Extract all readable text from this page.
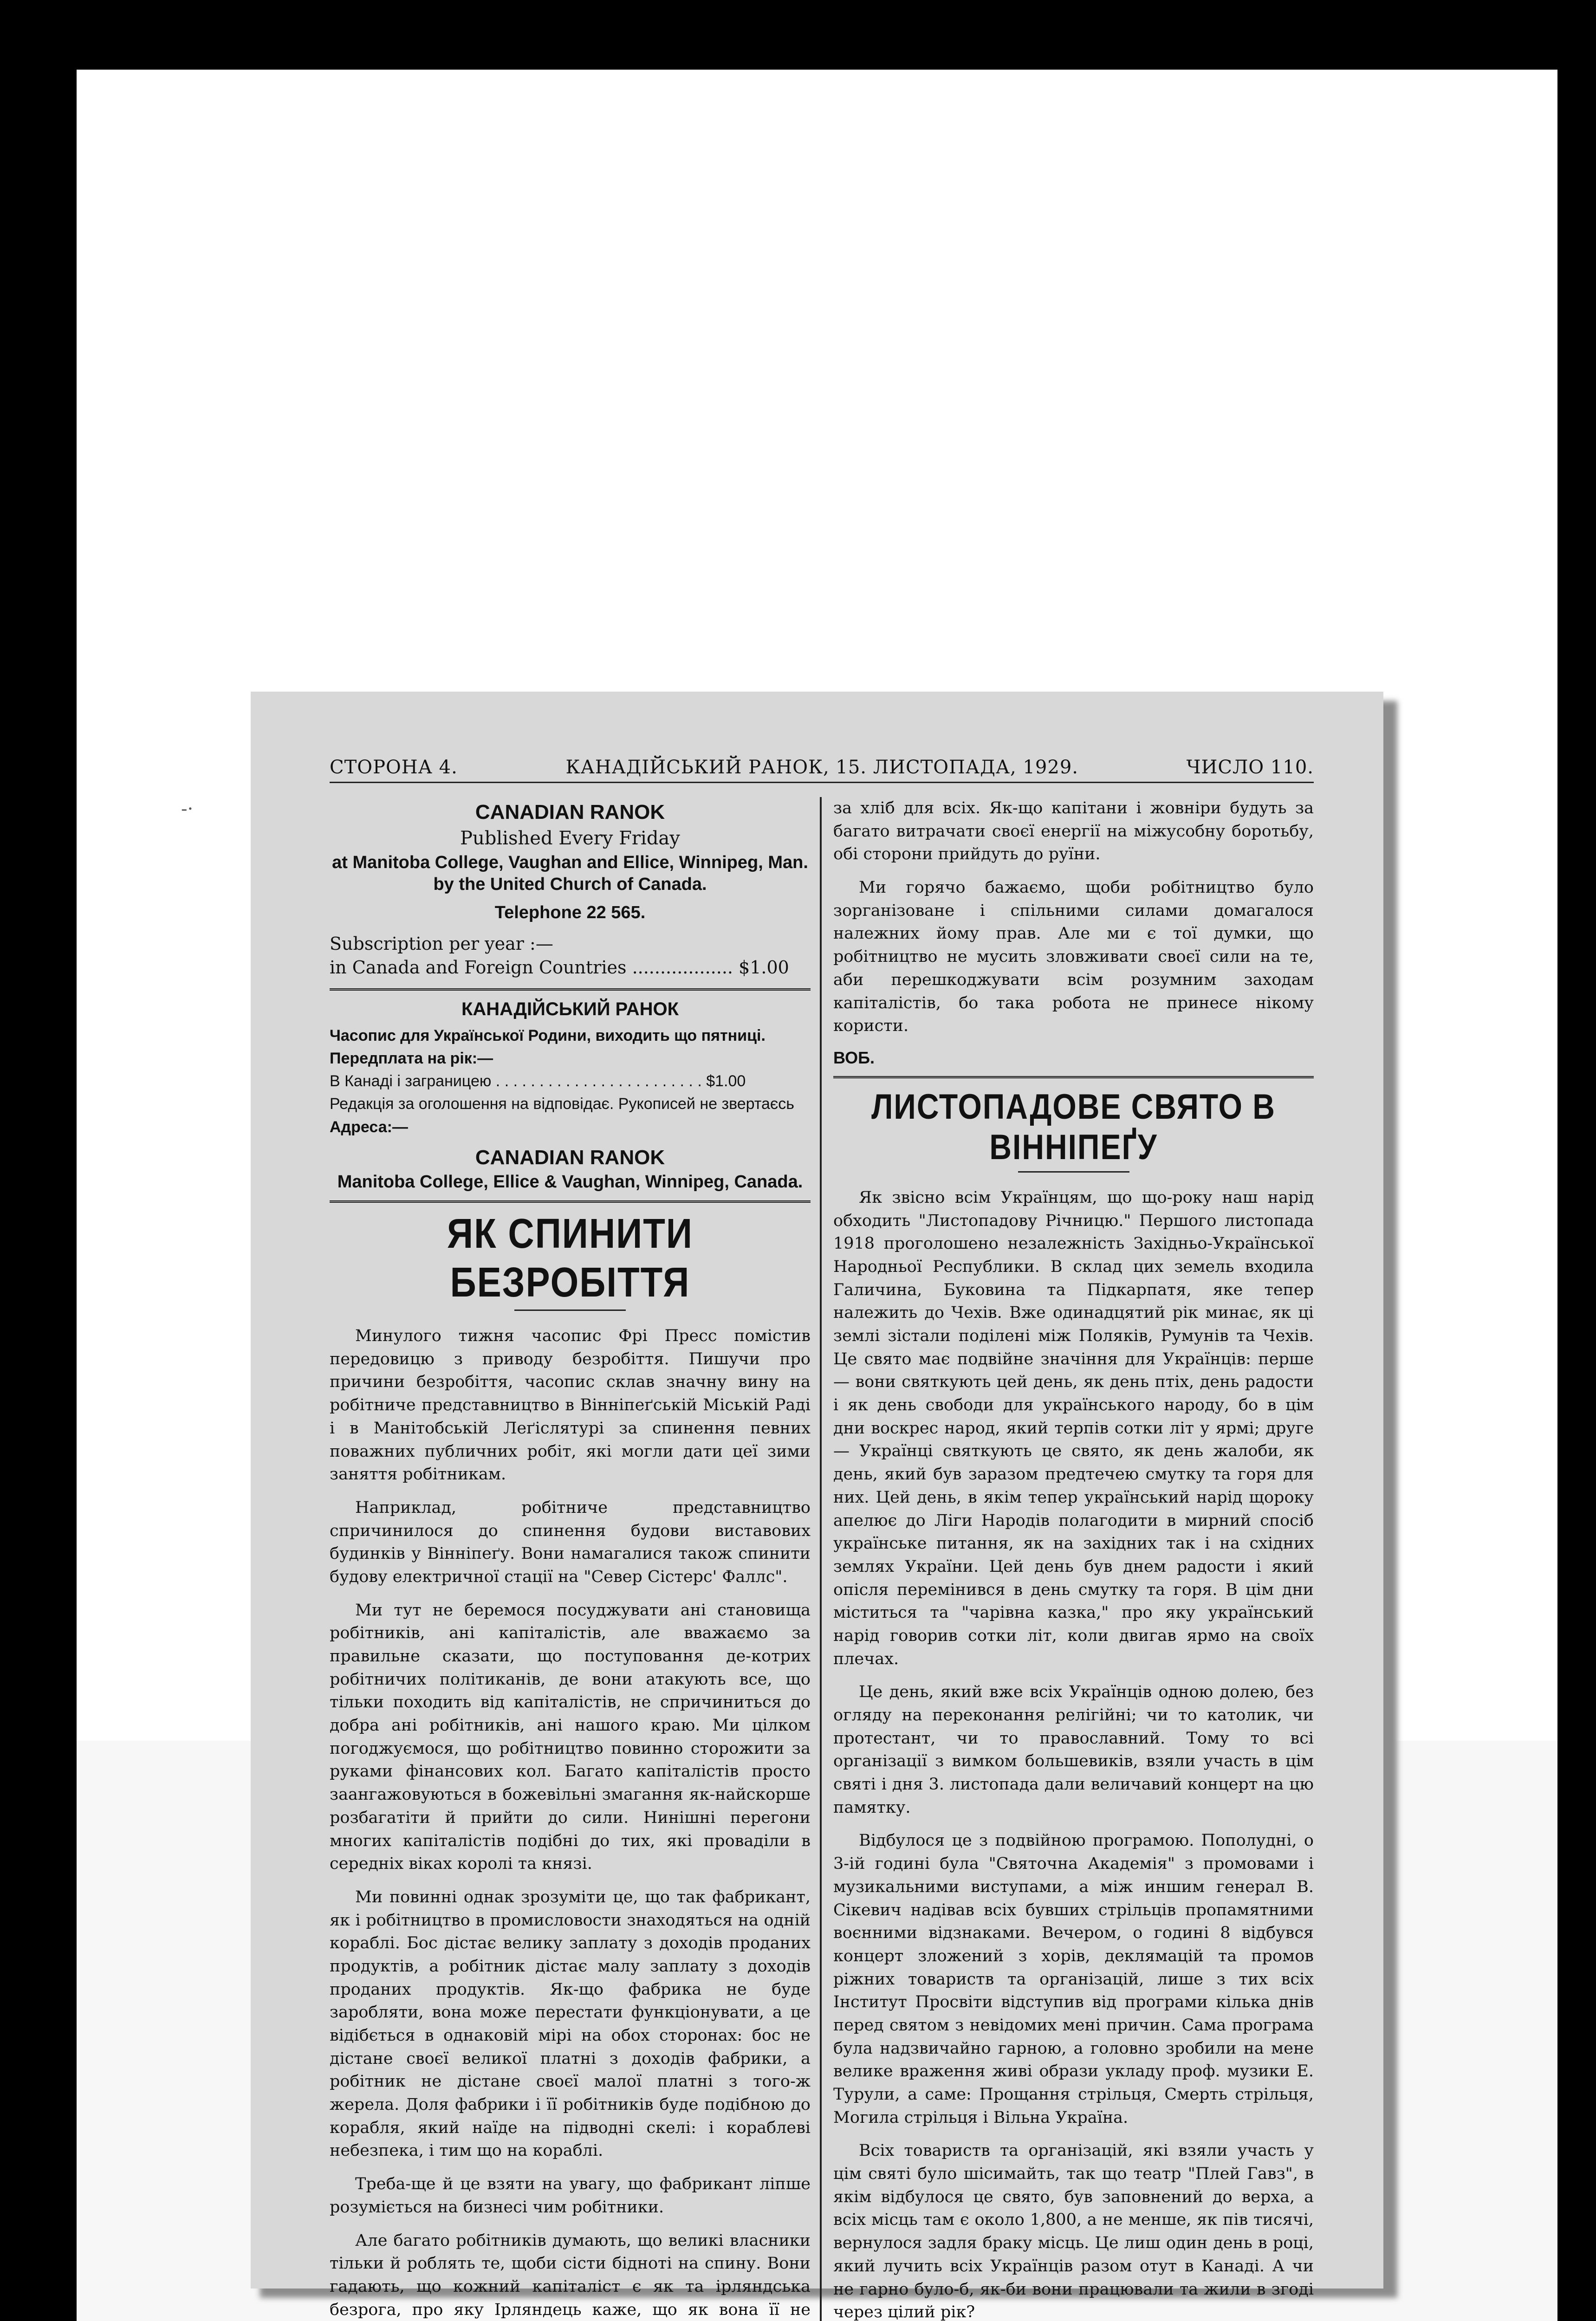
-·
СТОРОНА 4.	КАНАДІЙСЬКИЙ РАНОК, 15. ЛИСТОПАДА, 1929.	ЧИСЛО 110.
CANADIAN RANOK
Published Every Friday
at Manitoba College, Vaughan and Ellice, Winnipeg, Man.
by the United Church of Canada.
Telephone 22 565.
Subscription per year :—
in Canada and Foreign Countries .................. $1.00
КАНАДІЙСЬКИЙ РАНОК
Часопис для Української Родини, виходить що пятниці.
Передплата на рік:—
В Канаді і заграницею . . . . . . . . . . . . . . . . . . . . . . . . $1.00
Редакція за оголошення на відповідає. Рукописей не звертаєсь
Адреса:—
CANADIAN RANOK
Manitoba College, Ellice & Vaughan, Winnipeg, Canada.
ЯК СПИНИТИ БЕЗРОБІТТЯ

Минулого тижня часопис Фрі Пресс помістив передовицю з приводу безробіття. Пишучи про причини безробіття, часопис склав значну вину на робітниче представництво в Вінніпеґській Міській Раді і в Манітобській Леґіслятурі за спинення певних поважних публичних робіт, які могли дати цеї зими заняття робітникам.

Наприклад, робітниче представництво спричинилося до спинення будови виставових будинків у Вінніпеґу. Вони намагалися також спинити будову електричної стації на "Север Сістерс' Фаллс".

Ми тут не беремося посуджувати ані становища робітників, ані капіталістів, але вважаємо за правильне сказати, що поступовання де-котрих робітничих політиканів, де вони атакують все, що тільки походить від капіталістів, не спричиниться до добра ані робітників, ані нашого краю. Ми цілком погоджуємося, що робітництво повинно сторожити за руками фінансових кол. Багато капіталістів просто заангажовуються в божевільні змагання як-найскорше розбагатіти й прийти до сили. Нинішні перегони многих капіталістів подібні до тих, які проваділи в середніх віках королі та князі.

Ми повинні однак зрозуміти це, що так фабрикант, як і робітництво в промисловости знаходяться на одній кораблі. Бос дістає велику заплату з доходів проданих продуктів, а робітник дістає малу заплату з доходів проданих продуктів. Як-що фабрика не буде заробляти, вона може перестати функціонувати, а це відібється в однаковій мірі на обох сторонах: бос не дістане своєї великої платні з доходів фабрики, а робітник не дістане своєї малої платні з того-ж жерела. Доля фабрики і її робітників буде подібною до корабля, який наїде на підводні скелі: і кораблеві небезпека, і тим що на кораблі.

Треба-ще й це взяти на увагу, що фабрикант ліпше розуміється на бизнесі чим робітники.

Але багато робітників думають, що великі власники тільки й роблять те, щоби сісти бідноті на спину. Вони гадають, що кожний капіталіст є як та ірляндська безрога, про яку Ірляндець каже, що як вона її не

за хліб для всіх. Як-що капітани і жовніри будуть за багато витрачати своєї енергії на міжусобну боротьбу, обі сторони прийдуть до руїни.

Ми горячо бажаємо, щоби робітництво було зорганізоване і спільними силами домагалося належних йому прав. Але ми є тої думки, що робітництво не мусить зловживати своєї сили на те, аби перешкоджувати всім розумним заходам капіталістів, бо така робота не принесе нікому користи.

ВОБ.
ЛИСТОПАДОВЕ СВЯТО В ВІННІПЕҐУ

Як звісно всім Українцям, що що-року наш нарід обходить "Листопадову Річницю." Першого листопада 1918 проголошено незалежність Західньо-Української Народньої Республики. В склад цих земель входила Галичина, Буковина та Підкарпатя, яке тепер належить до Чехів. Вже одинадцятий рік минає, як ці землі зістали поділені між Поляків, Румунів та Чехів. Це свято має подвійне значіння для Українців: перше — вони святкують цей день, як день птіх, день радости і як день свободи для українського народу, бо в цім дни воскрес народ, який терпів сотки літ у ярмі; друге — Українці святкують це свято, як день жалоби, як день, який був заразом предтечею смутку та горя для них. Цей день, в якім тепер український нарід щороку апелює до Ліги Народів полагодити в мирний спосіб українське питання, як на західних так і на східних землях України. Цей день був днем радости і який опісля перемінився в день смутку та горя. В цім дни міститься та "чарівна казка," про яку український нарід говорив сотки літ, коли двигав ярмо на своїх плечах.

Це день, який вже всіх Українців одною долею, без огляду на переконання релігійні; чи то католик, чи протестант, чи то православний. Тому то всі організації з вимком большевиків, взяли участь в цім святі і дня 3. листопада дали величавий концерт на цю памятку.

Відбулося це з подвійною програмою. Пополудні, о 3-ій годині була "Святочна Академія" з промовами і музикальними виступами, а між иншим генерал В. Сікевич надівав всіх бувших стрільців пропамятними воєнними відзнаками. Вечером, о годині 8 відбувся концерт зложений з хорів, деклямацій та промов ріжних товариств та організацій, лише з тих всіх Інститут Просвіти відступив від програми кілька днів перед святом з невідомих мені причин. Сама програма була надзвичайно гарною, а головно зробили на мене велике враження живі образи укладу проф. музики Е. Турули, а саме: Прощання стрільця, Смерть стрільця, Могила стрільця і Вільна Україна.

Всіх товариств та організацій, які взяли участь у цім святі було шісимайть, так що театр "Плей Гавз", в якім відбулося це свято, був заповнений до верха, а всіх місць там є около 1,800, а не менше, як пів тисячі, вернулося задля браку місць. Це лиш один день в році, який лучить всіх Українців разом отут в Канаді. А чи не гарно було-б, як-би вони працювали та жили в згоді через цілий рік?
